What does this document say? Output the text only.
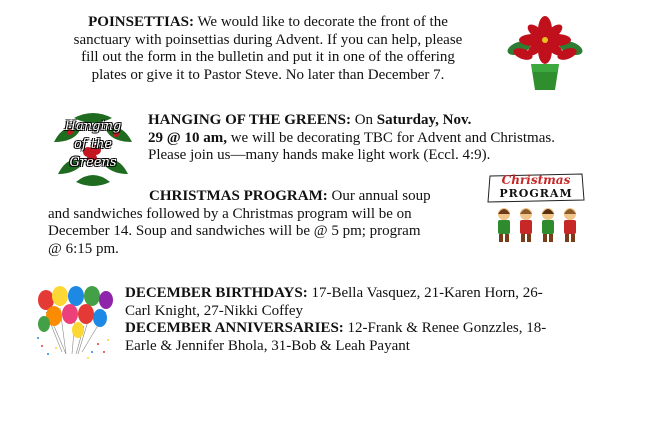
POINSETTIAS: We would like to decorate the front of the
sanctuary with poinsettias during Advent. If you can help, please
fill out the form in the bulletin and put it in one of the offering
plates or give it to Pastor Steve. No later than December 7.
Hanging
of the
Greens
HANGING OF THE GREENS: On Saturday, Nov.
29 @ 10 am, we will be decorating TBC for Advent and Christmas.
Please join us—many hands make light work (Eccl. 4:9).
CHRISTMAS PROGRAM: Our annual soup
and sandwiches followed by a Christmas program will be on
December 14. Soup and sandwiches will be @ 5 pm; program
@ 6:15 pm.
Christmas
PROGRAM
DECEMBER BIRTHDAYS: 17-Bella Vasquez, 21-Karen Horn, 26-
Carl Knight, 27-Nikki Coffey
DECEMBER ANNIVERSARIES: 12-Frank & Renee Gonzzles, 18-
Earle & Jennifer Bhola, 31-Bob & Leah Payant
